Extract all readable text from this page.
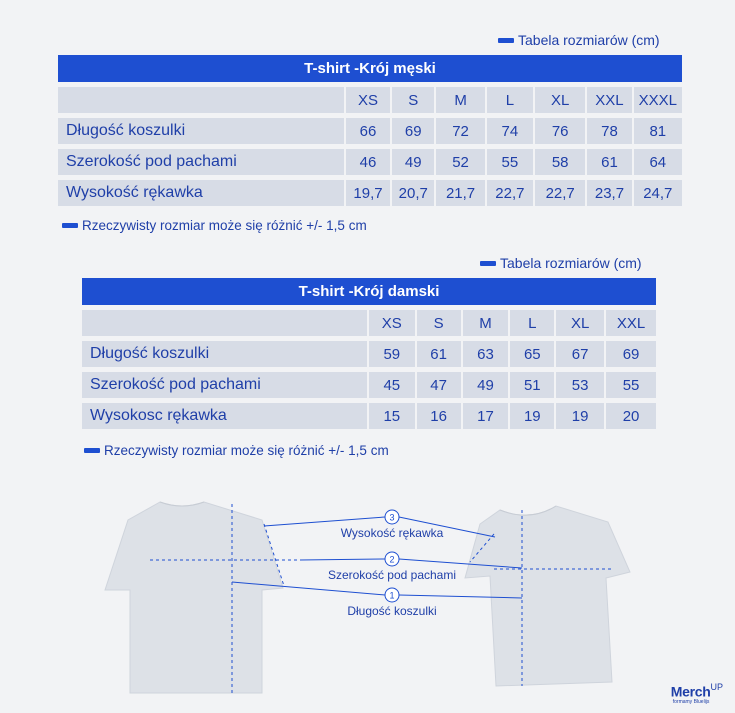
Tabela rozmiarów (cm)
T-shirt -Krój męski
	XS	S	M	L	XL	XXL	XXXL
Długość koszulki	66	69	72	74	76	78	81
Szerokość pod pachami	46	49	52	55	58	61	64
Wysokość rękawka	19,7	20,7	21,7	22,7	22,7	23,7	24,7
Rzeczywisty rozmiar może się różnić +/- 1,5 cm
Tabela rozmiarów (cm)
T-shirt -Krój damski
	XS	S	M	L	XL	XXL
Długość koszulki	59	61	63	65	67	69
Szerokość pod pachami	45	47	49	51	53	55
Wysokosc rękawka	15	16	17	19	19	20
Rzeczywisty rozmiar może się różnić +/- 1,5 cm
3
Wysokość rękawka
2
Szerokość pod pachami
1
Długość koszulki
Merch$^{UP}$
formamy Bluelijs
